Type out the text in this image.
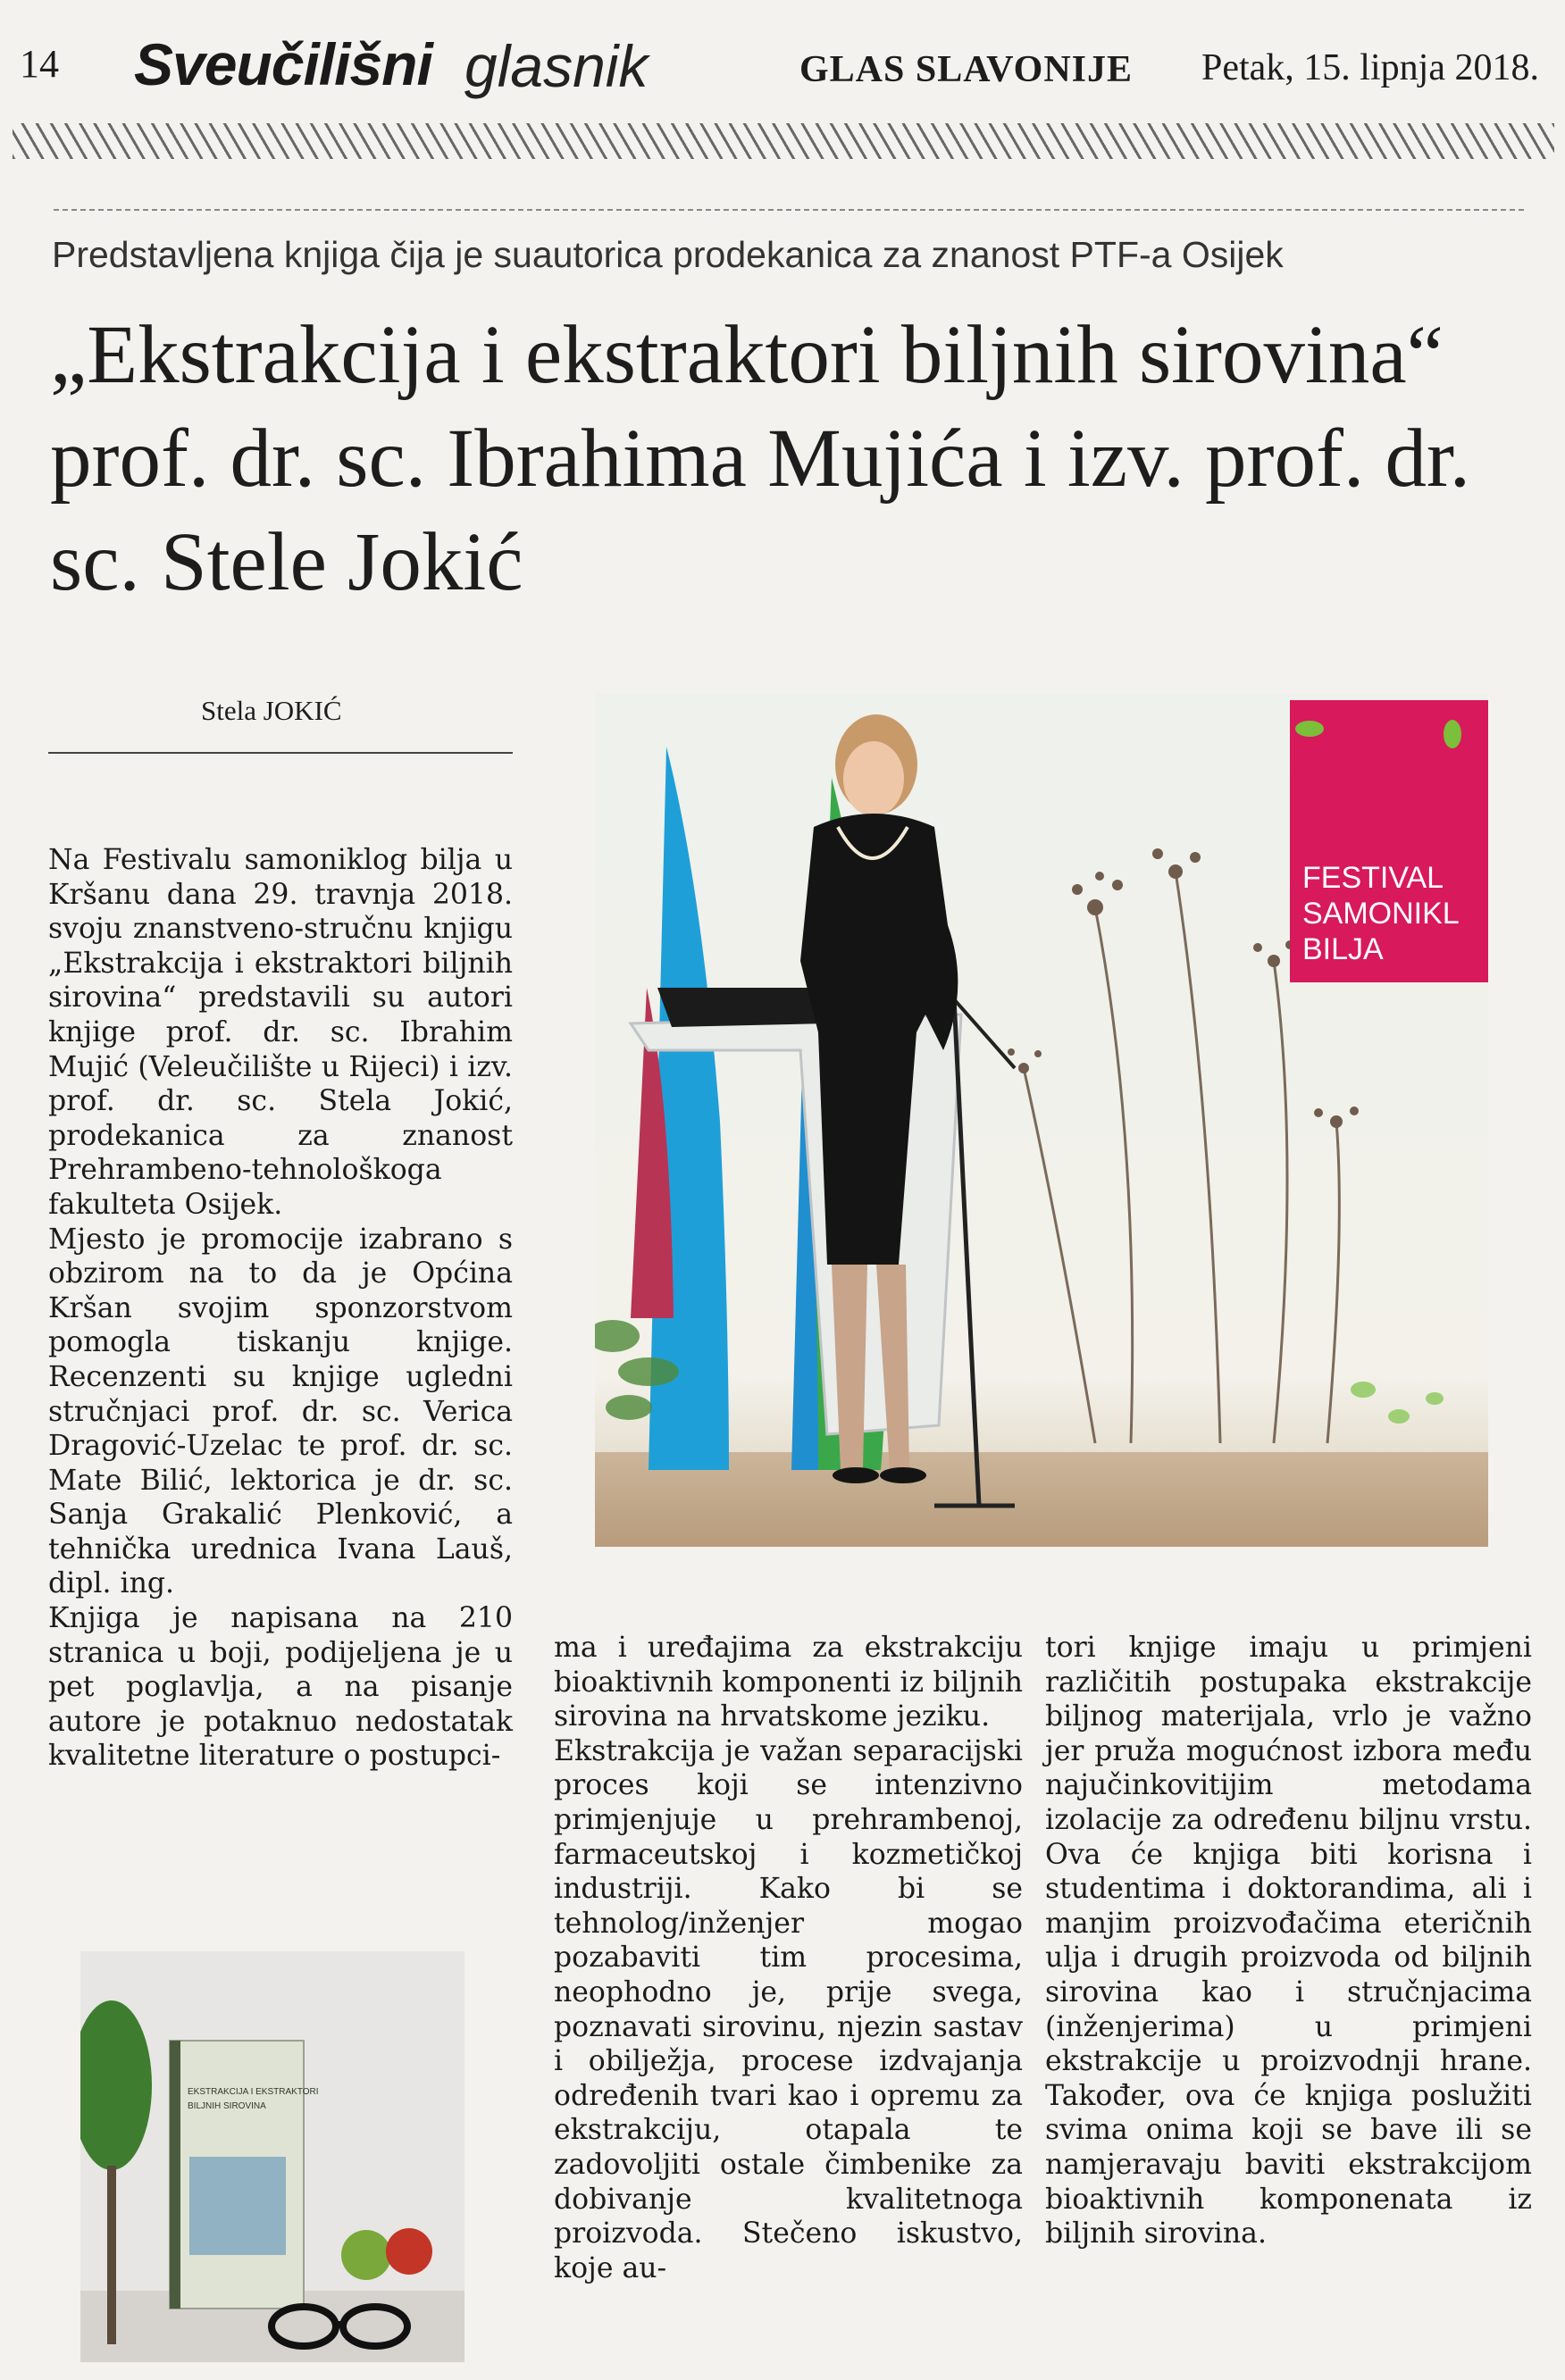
14 Sveučilišni glasnik	GLAS SLAVONIJE Petak, 15. lipnja 2018.
Predstavljena knjiga čija je suautorica prodekanica za znanost PTF-a Osijek
„Ekstrakcija i ekstraktori biljnih sirovina“ prof. dr. sc. Ibrahima Mujića i izv. prof. dr. sc. Stele Jokić
Stela JOKIĆ

Na Festivalu samoniklog bilja u Kršanu dana 29. travnja 2018. svoju znanstveno-stručnu knjigu „Ekstrakcija i ekstraktori biljnih sirovina“ predstavili su autori knjige prof. dr. sc. Ibrahim Mujić (Veleučilište u Rijeci) i izv. prof. dr. sc. Stela Jokić, prodekanica za znanost Prehrambeno-tehnološkoga fakulteta Osijek.

Mjesto je promocije izabrano s obzirom na to da je Općina Kršan svojim sponzorstvom pomogla tiskanju knjige. Recenzenti su knjige ugledni stručnjaci prof. dr. sc. Verica Dragović-Uzelac te prof. dr. sc. Mate Bilić, lektorica je dr. sc. Sanja Grakalić Plenković, a tehnička urednica Ivana Lauš, dipl. ing.

Knjiga je napisana na 210 stranica u boji, podijeljena je u pet poglavlja, a na pisanje autore je potaknuo nedostatak kvalitetne literature o postupci-

FESTIVAL
SAMONIKL
BILJA
EKSTRAKCIJA I EKSTRAKTORI
BILJNIH SIROVINA

ma i uređajima za ekstrakciju bioaktivnih komponenti iz biljnih sirovina na hrvatskome jeziku.

Ekstrakcija je važan separacijski proces koji se intenzivno primjenjuje u prehrambenoj, farmaceutskoj i kozmetičkoj industriji. Kako bi se tehnolog/inženjer mogao pozabaviti tim procesima, neophodno je, prije svega, poznavati sirovinu, njezin sastav i obilježja, procese izdvajanja određenih tvari kao i opremu za ekstrakciju, otapala te zadovoljiti ostale čimbenike za dobivanje kvalitetnoga proizvoda. Stečeno iskustvo, koje au-

tori knjige imaju u primjeni različitih postupaka ekstrakcije biljnog materijala, vrlo je važno jer pruža mogućnost izbora među najučinkovitijim metodama izolacije za određenu biljnu vrstu. Ova će knjiga biti korisna i studentima i doktorandima, ali i manjim proizvođačima eteričnih ulja i drugih proizvoda od biljnih sirovina kao i stručnjacima (inženjerima) u primjeni ekstrakcije u proizvodnji hrane. Također, ova će knjiga poslužiti svima onima koji se bave ili se namjeravaju baviti ekstrakcijom bioaktivnih komponenata iz biljnih sirovina.
